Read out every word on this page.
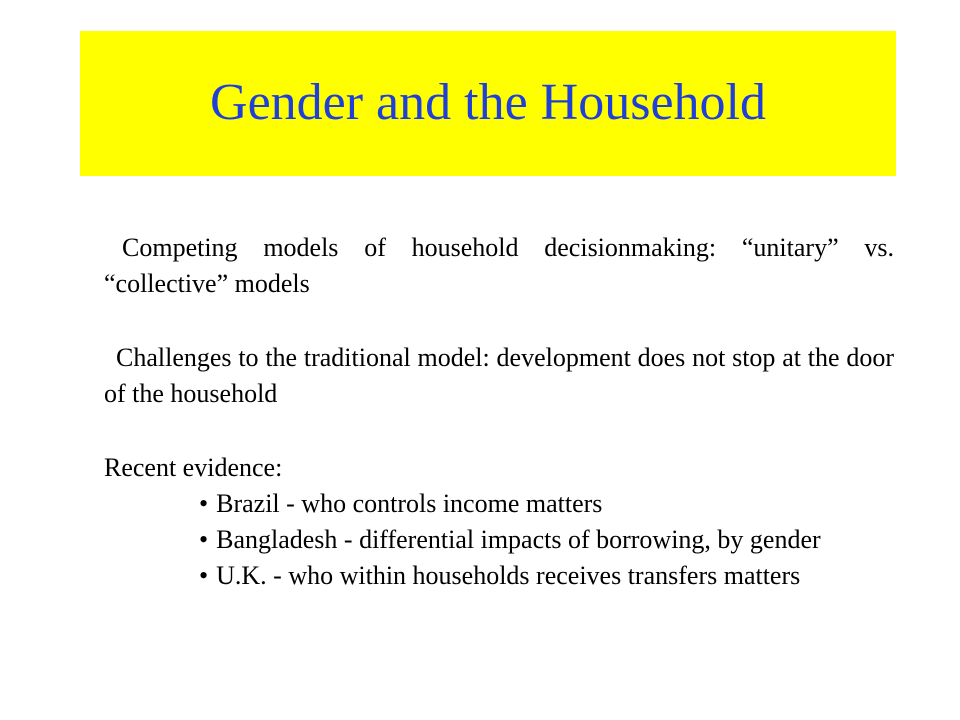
Gender and the Household

Competing models of household decisionmaking: “unitary” vs. “collective” models

Challenges to the traditional model: development does not stop at the door of the household

Recent evidence:

• Brazil - who controls income matters
• Bangladesh - differential impacts of borrowing, by gender
• U.K. - who within households receives transfers matters
